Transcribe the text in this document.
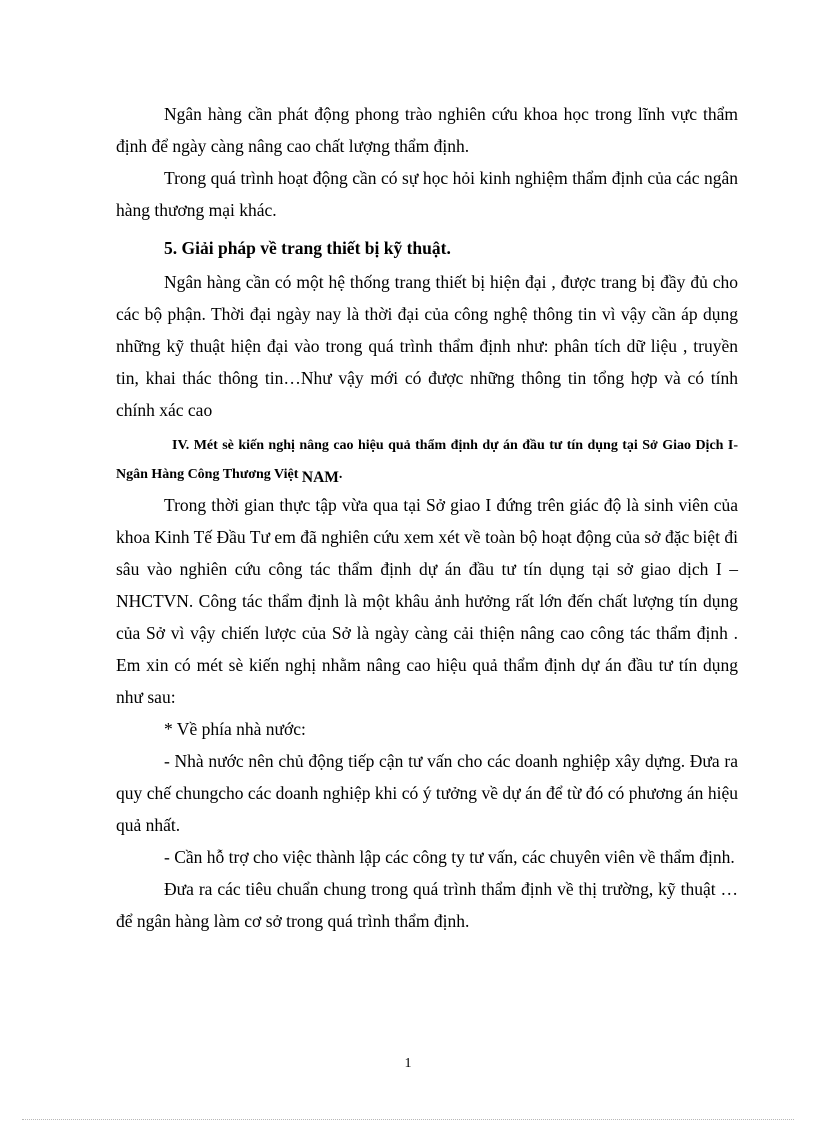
Ngân hàng cần phát động phong trào nghiên cứu khoa học trong lĩnh vực thẩm định để ngày càng nâng cao chất lượng thẩm định.

Trong quá trình hoạt động cần có sự học hỏi kinh nghiệm thẩm định của các ngân hàng thương mại khác.

5. Giải pháp về trang thiết bị kỹ thuật.

Ngân hàng cần có một hệ thống trang thiết bị hiện đại , được trang bị đầy đủ cho các bộ phận. Thời đại ngày nay là thời đại của công nghệ thông tin vì vậy cần áp dụng những kỹ thuật hiện đại vào trong quá trình thẩm định như: phân tích dữ liệu , truyền tin, khai thác thông tin…Như vậy mới có được những thông tin tổng hợp và có tính chính xác cao

IV. Mét sè kiến nghị nâng cao hiệu quả thẩm định dự án đầu tư tín dụng tại Sở Giao Dịch I- Ngân Hàng Công Thương Việt NAM.

Trong thời gian thực tập vừa qua tại Sở giao I đứng trên giác độ là sinh viên của khoa Kinh Tế Đầu Tư em đã nghiên cứu xem xét về toàn bộ hoạt động của sở đặc biệt đi sâu vào nghiên cứu công tác thẩm định dự án đầu tư tín dụng tại sở giao dịch I – NHCTVN. Công tác thẩm định là một khâu ảnh hưởng rất lớn đến chất lượng tín dụng của Sở vì vậy chiến lược của Sở là ngày càng cải thiện nâng cao công tác thẩm định . Em xin có mét sè kiến nghị nhằm nâng cao hiệu quả thẩm định dự án đầu tư tín dụng như sau:

* Về phía nhà nước:

- Nhà nước nên chủ động tiếp cận tư vấn cho các doanh nghiệp xây dựng. Đưa ra quy chế chungcho các doanh nghiệp khi có ý tưởng về dự án để từ đó có phương án hiệu quả nhất.

- Cần hỗ trợ cho việc thành lập các công ty tư vấn, các chuyên viên về thẩm định.

Đưa ra các tiêu chuẩn chung trong quá trình thẩm định về thị trường, kỹ thuật … để ngân hàng làm cơ sở trong quá trình thẩm định.

1
